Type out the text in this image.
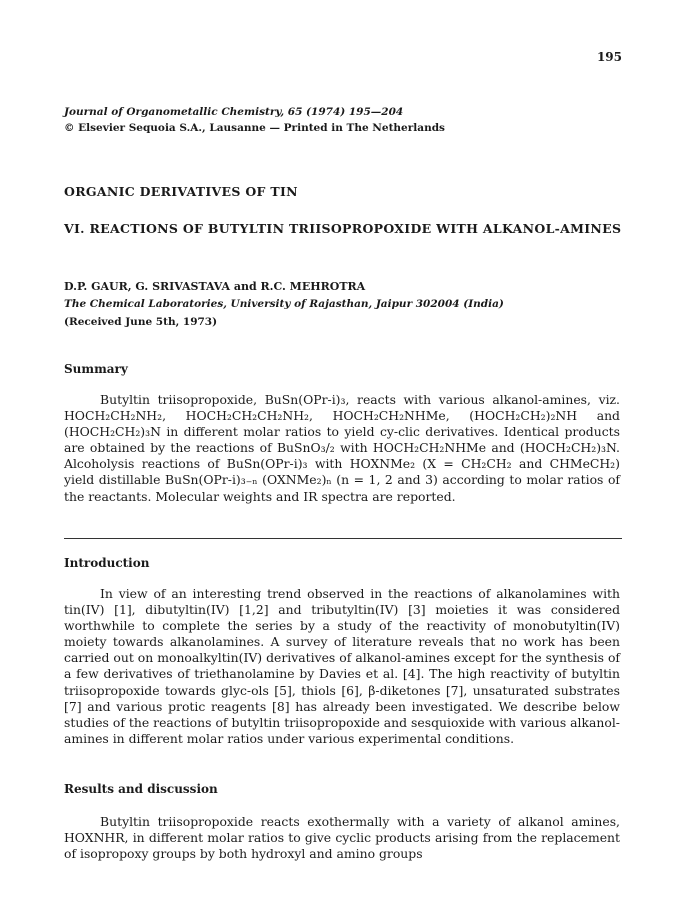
195
Journal of Organometallic Chemistry, 65 (1974) 195—204
© Elsevier Sequoia S.A., Lausanne — Printed in The Netherlands
ORGANIC DERIVATIVES OF TIN
VI. REACTIONS OF BUTYLTIN TRIISOPROPOXIDE WITH ALKANOL-AMINES
D.P. GAUR, G. SRIVASTAVA and R.C. MEHROTRA
The Chemical Laboratories, University of Rajasthan, Jaipur 302004 (India)
(Received June 5th, 1973)
Summary

Butyltin triisopropoxide, BuSn(OPr-i)₃, reacts with various alkanol-amines, viz. HOCH₂CH₂NH₂, HOCH₂CH₂CH₂NH₂, HOCH₂CH₂NHMe, (HOCH₂CH₂)₂NH and (HOCH₂CH₂)₃N in different molar ratios to yield cy-clic derivatives. Identical products are obtained by the reactions of BuSnO₃/₂ with HOCH₂CH₂NHMe and (HOCH₂CH₂)₃N. Alcoholysis reactions of BuSn(OPr-i)₃ with HOXNMe₂ (X = CH₂CH₂ and CHMeCH₂) yield distillable BuSn(OPr-i)₃₋ₙ (OXNMe₂)ₙ (n = 1, 2 and 3) according to molar ratios of the reactants. Molecular weights and IR spectra are reported.

Introduction

In view of an interesting trend observed in the reactions of alkanolamines with tin(IV) [1], dibutyltin(IV) [1,2] and tributyltin(IV) [3] moieties it was considered worthwhile to complete the series by a study of the reactivity of monobutyltin(IV) moiety towards alkanolamines. A survey of literature reveals that no work has been carried out on monoalkyltin(IV) derivatives of alkanol-amines except for the synthesis of a few derivatives of triethanolamine by Davies et al. [4]. The high reactivity of butyltin triisopropoxide towards glyc-ols [5], thiols [6], β-diketones [7], unsaturated substrates [7] and various protic reagents [8] has already been investigated. We describe below studies of the reactions of butyltin triisopropoxide and sesquioxide with various alkanol-amines in different molar ratios under various experimental conditions.

Results and discussion

Butyltin triisopropoxide reacts exothermally with a variety of alkanol amines, HOXNHR, in different molar ratios to give cyclic products arising from the replacement of isopropoxy groups by both hydroxyl and amino groups
